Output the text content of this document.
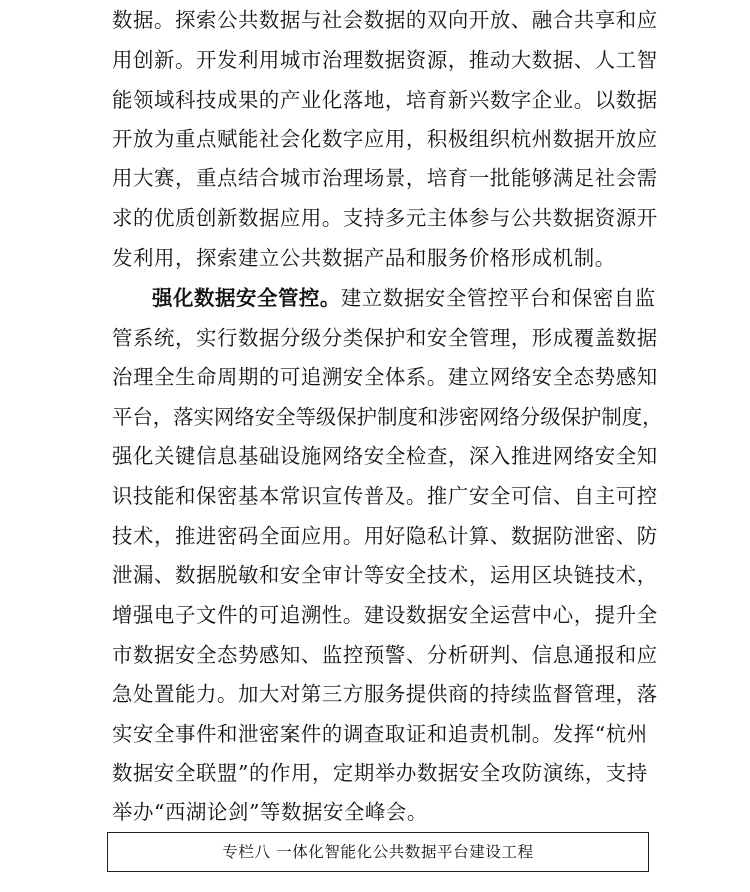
数据。探索公共数据与社会数据的双向开放、融合共享和应
用创新。开发利用城市治理数据资源，推动大数据、人工智
能领域科技成果的产业化落地，培育新兴数字企业。以数据
开放为重点赋能社会化数字应用，积极组织杭州数据开放应
用大赛，重点结合城市治理场景，培育一批能够满足社会需
求的优质创新数据应用。支持多元主体参与公共数据资源开
发利用，探索建立公共数据产品和服务价格形成机制。
强化数据安全管控。建立数据安全管控平台和保密自监
管系统，实行数据分级分类保护和安全管理，形成覆盖数据
治理全生命周期的可追溯安全体系。建立网络安全态势感知
平台，落实网络安全等级保护制度和涉密网络分级保护制度，
强化关键信息基础设施网络安全检查，深入推进网络安全知
识技能和保密基本常识宣传普及。推广安全可信、自主可控
技术，推进密码全面应用。用好隐私计算、数据防泄密、防
泄漏、数据脱敏和安全审计等安全技术，运用区块链技术，
增强电子文件的可追溯性。建设数据安全运营中心，提升全
市数据安全态势感知、监控预警、分析研判、信息通报和应
急处置能力。加大对第三方服务提供商的持续监督管理，落
实安全事件和泄密案件的调查取证和追责机制。发挥“杭州
数据安全联盟”的作用，定期举办数据安全攻防演练，支持
举办“西湖论剑”等数据安全峰会。
专栏八 一体化智能化公共数据平台建设工程
